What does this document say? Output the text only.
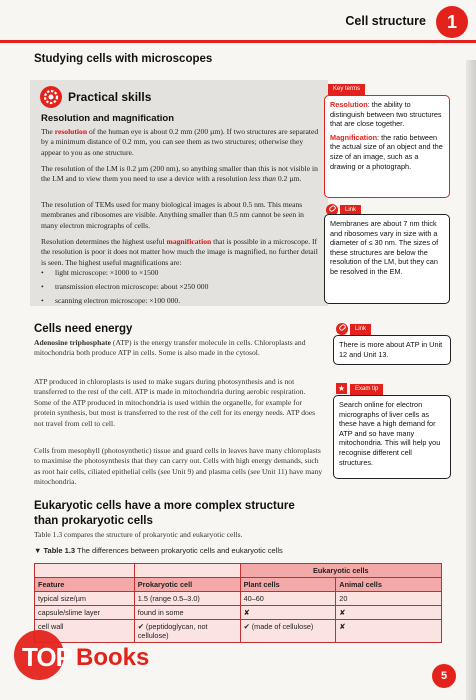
Cell structure	1
Studying cells with microscopes
Practical skills
Resolution and magnification
The resolution of the human eye is about 0.2 mm (200 µm). If two structures are separated by a minimum distance of 0.2 mm, you can see them as two structures; otherwise they appear to you as one structure.
The resolution of the LM is 0.2 µm (200 nm), so anything smaller than this is not visible in the LM and to view them you need to use a device with a resolution less than 0.2 µm.
The resolution of TEMs used for many biological images is about 0.5 nm. This means membranes and ribosomes are visible. Anything smaller than 0.5 nm cannot be seen in many electron micrographs of cells.
Resolution determines the highest useful magnification that is possible in a microscope. If the resolution is poor it does not matter how much the image is magnified, no further detail is seen. The highest useful magnifications are:
• light microscope: ×1000 to ×1500
• transmission electron microscope: about ×250 000
• scanning electron microscope: ×100 000.
Key terms
Resolution: the ability to distinguish between two structures that are close together.
Magnification: the ratio between the actual size of an object and the size of an image, such as a drawing or a photograph.
Link
Membranes are about 7 nm thick and ribosomes vary in size with a diameter of ≤ 30 nm. The sizes of these structures are below the resolution of the LM, but they can be resolved in the EM.
Cells need energy
Adenosine triphosphate (ATP) is the energy transfer molecule in cells. Chloroplasts and mitochondria both produce ATP in cells. Some is also made in the cytosol.
ATP produced in chloroplasts is used to make sugars during photosynthesis and is not transferred to the rest of the cell. ATP is made in mitochondria during aerobic respiration. Some of the ATP produced in mitochondria is used within the organelle, for example for protein synthesis, but most is transferred to the rest of the cell for its energy needs. ATP does not travel from cell to cell.
Cells from mesophyll (photosynthetic) tissue and guard cells in leaves have many chloroplasts to maximise the photosynthesis that they can carry out. Cells with high energy demands, such as root hair cells, ciliated epithelial cells (see Unit 9) and plasma cells (see Unit 11) have many mitochondria.
Link
There is more about ATP in Unit 12 and Unit 13.
★	Exam tip
Search online for electron micrographs of liver cells as these have a high demand for ATP and so have many mitochondria. This will help you recognise different cell structures.
Eukaryotic cells have a more complex structure
than prokaryotic cells
Table 1.3 compares the structure of prokaryotic and eukaryotic cells.
▼ Table 1.3 The differences between prokaryotic cells and eukaryotic cells
		Eukaryotic cells	
Feature	Prokaryotic cell	Plant cells	Animal cells
typical size/µm	1.5 (range 0.5–3.0)	40–60	20
capsule/slime layer	found in some	✘	✘
cell wall	✔ (peptidoglycan, not cellulose)	✔ (made of cellulose)	✘
TOP Books
5
